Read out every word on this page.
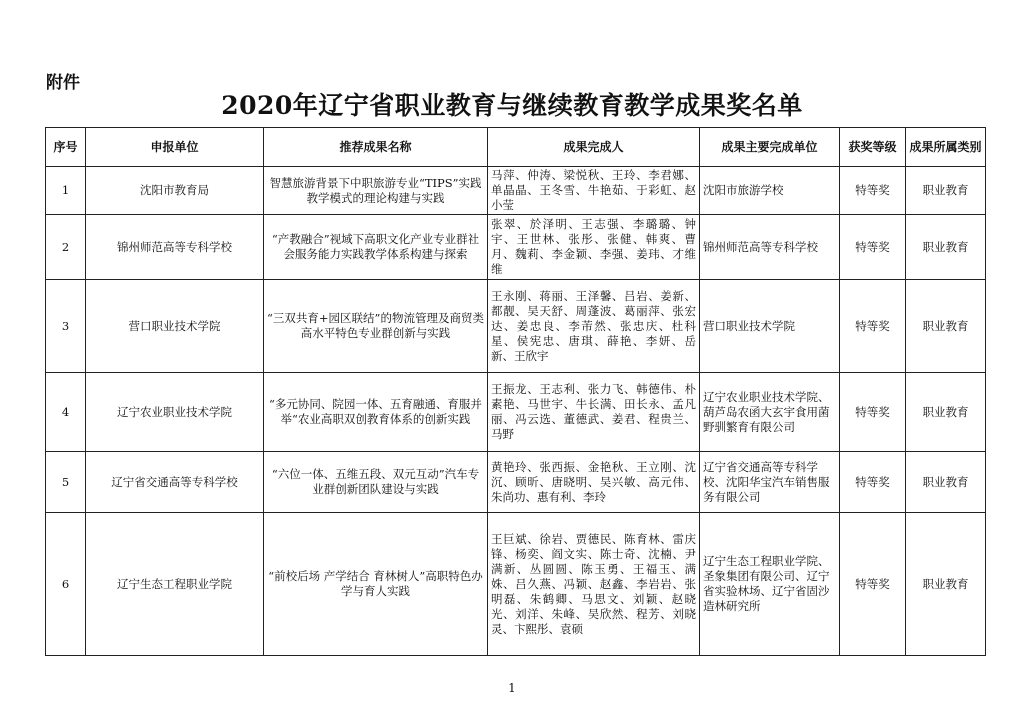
附件
2020年辽宁省职业教育与继续教育教学成果奖名单
序号	申报单位	推荐成果名称	成果完成人	成果主要完成单位	获奖等级	成果所属类别
1	沈阳市教育局	智慧旅游背景下中职旅游专业“TIPS”实践教学模式的理论构建与实践	马萍、仲涛、梁悦秋、王玲、李君娜、单晶晶、王冬雪、牛艳茹、于彩虹、赵小莹	沈阳市旅游学校	特等奖	职业教育
2	锦州师范高等专科学校	“产教融合”视域下高职文化产业专业群社会服务能力实践教学体系构建与探索	张翠、於泽明、王志强、李璐璐、钟宇、王世林、张彤、张健、韩爽、曹月、魏莉、李金颖、李强、姜玮、才维维	锦州师范高等专科学校	特等奖	职业教育
3	营口职业技术学院	“三双共育+园区联结”的物流管理及商贸类高水平特色专业群创新与实践	王永刚、蒋丽、王泽馨、吕岩、姜新、都靓、吴天舒、周蓬波、葛丽萍、张宏达、姜忠良、李芾然、张忠庆、杜科星、侯宪忠、唐琪、薛艳、李妍、岳新、王欣宇	营口职业技术学院	特等奖	职业教育
4	辽宁农业职业技术学院	“多元协同、院园一体、五育融通、育服并举“农业高职双创教育体系的创新实践	王振龙、王志利、张力飞、韩德伟、朴素艳、马世宇、牛长满、田长永、孟凡丽、冯云选、董德武、姜君、程贵兰、马野	辽宁农业职业技术学院、葫芦岛农函大玄宇食用菌野驯繁育有限公司	特等奖	职业教育
5	辽宁省交通高等专科学校	“六位一体、五维五段、双元互动”汽车专业群创新团队建设与实践	黄艳玲、张西振、金艳秋、王立刚、沈沉、顾昕、唐晓明、吴兴敏、高元伟、朱尚功、惠有利、李玲	辽宁省交通高等专科学校、沈阳华宝汽车销售服务有限公司	特等奖	职业教育
6	辽宁生态工程职业学院	“前校后场 产学结合 育林树人”高职特色办学与育人实践	王巨斌、徐岩、贾德民、陈育林、雷庆锋、杨奕、阎文实、陈士奇、沈楠、尹满新、丛圆圆、陈玉勇、王福玉、满姝、吕久燕、冯颖、赵鑫、李岩岩、张明磊、朱鹤卿、马思文、刘颖、赵晓光、刘洋、朱峰、吴欣然、程芳、刘晓灵、卞熙彤、袁硕	辽宁生态工程职业学院、圣象集团有限公司、辽宁省实验林场、辽宁省固沙造林研究所	特等奖	职业教育
1
